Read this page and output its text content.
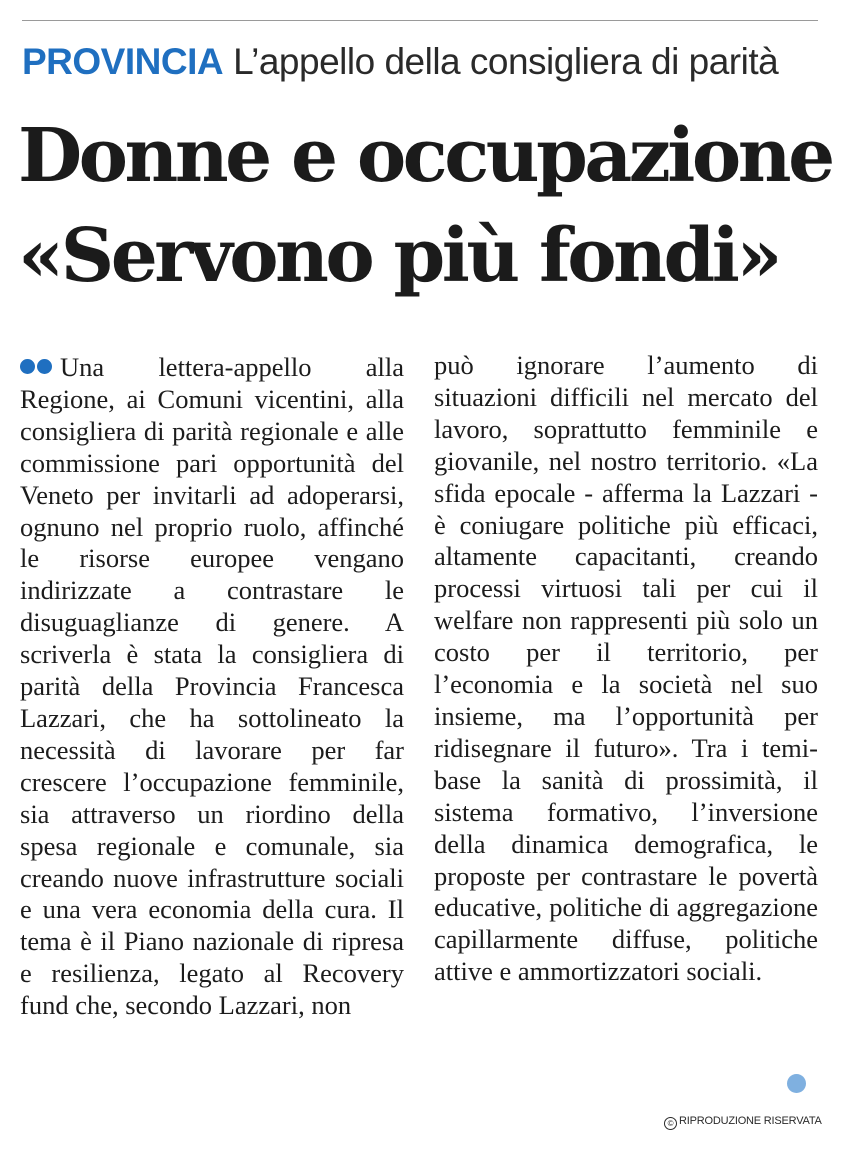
PROVINCIA L’appello della consigliera di parità
Donne e occupazione
«Servono più fondi»
Una lettera-appello alla Regione, ai Comuni vicentini, alla consigliera di parità regionale e alle commissione pari opportunità del Veneto per invitarli ad adoperarsi, ognuno nel proprio ruolo, affinché le risorse europee vengano indirizzate a contrastare le disuguaglianze di genere. A scriverla è stata la consigliera di parità della Provincia Francesca Lazzari, che ha sottolineato la necessità di lavorare per far crescere l’occupazione femminile, sia attraverso un riordino della spesa regionale e comunale, sia creando nuove infrastrutture sociali e una vera economia della cura. Il tema è il Piano nazionale di ripresa e resilienza, legato al Recovery fund che, secondo Lazzari, non
può ignorare l’aumento di situazioni difficili nel mercato del lavoro, soprattutto femminile e giovanile, nel nostro territorio. «La sfida epocale - afferma la Lazzari - è coniugare politiche più efficaci, altamente capacitanti, creando processi virtuosi tali per cui il welfare non rappresenti più solo un costo per il territorio, per l’economia e la società nel suo insieme, ma l’opportunità per ridisegnare il futuro». Tra i temi-base la sanità di prossimità, il sistema formativo, l’inversione della dinamica demografica, le proposte per contrastare le povertà educative, politiche di aggregazione capillarmente diffuse, politiche attive e ammortizzatori sociali.
© RIPRODUZIONE RISERVATA
